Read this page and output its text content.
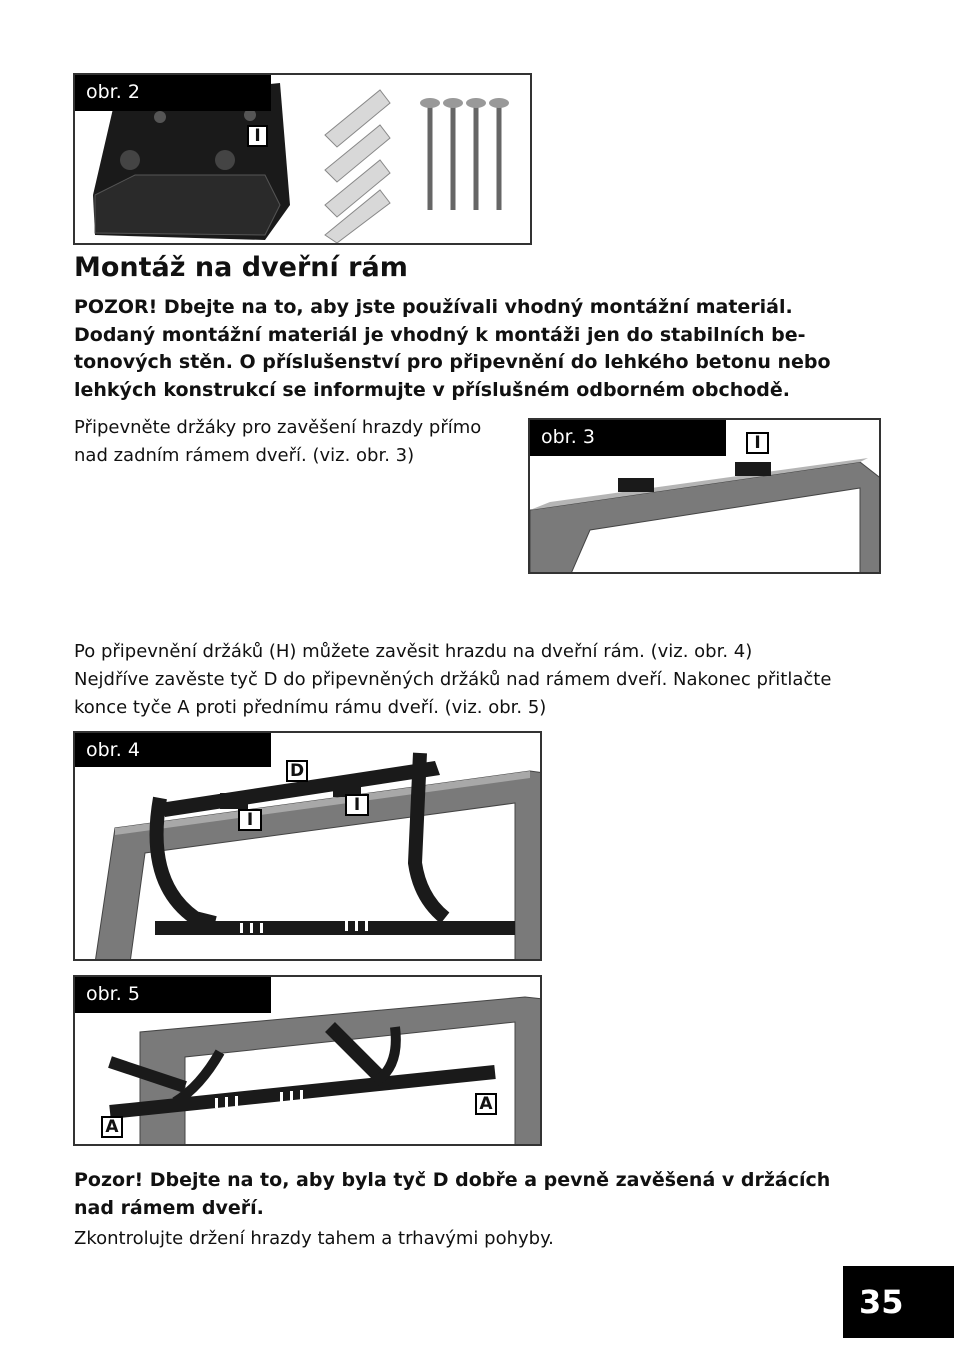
obr. 2
I
Montáž na dveřní rám

POZOR! Dbejte na to, aby jste používali vhodný montážní materiál. Dodaný montážní materiál je vhodný k montáži jen do stabilních be-tonových stěn. O příslušenství pro připevnění do lehkého betonu nebo lehkých konstrukcí se informujte v příslušném odborném obchodě.

Připevněte držáky pro zavěšení hrazdy přímo nad zadním rámem dveří. (viz. obr. 3)

obr. 3	I

Po připevnění držáků (H) můžete zavěsit hrazdu na dveřní rám. (viz. obr. 4)

Nejdříve zavěste tyč D do připevněných držáků nad rámem dveří. Nakonec přitlačte konce tyče A proti přednímu rámu dveří. (viz. obr. 5)

obr. 4
D
I
I
obr. 5
A
A

Pozor! Dbejte na to, aby byla tyč D dobře a pevně zavěšená v držácích nad rámem dveří.

Zkontrolujte držení hrazdy tahem a trhavými pohyby.

35
